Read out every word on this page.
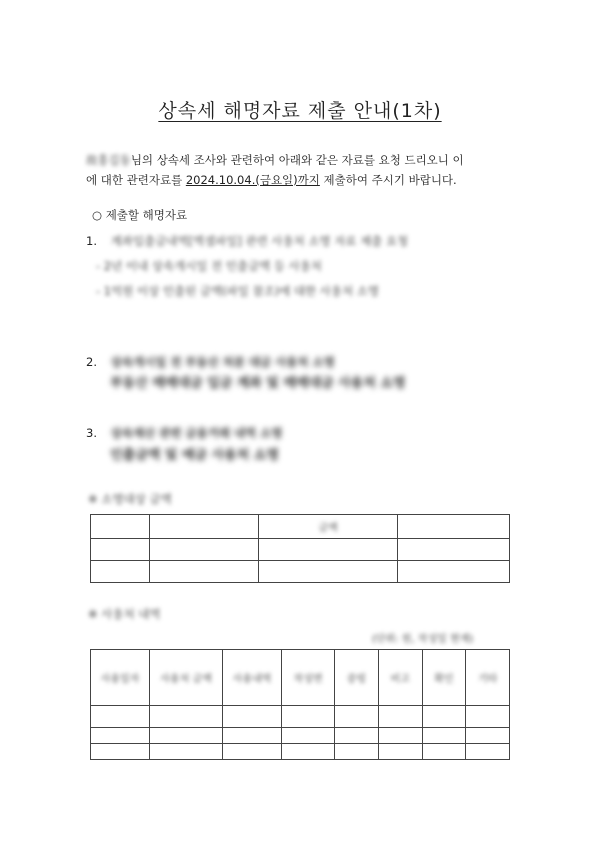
상속세 해명자료 제출 안내(1차)
故홍길동님의 상속세 조사와 관련하여 아래와 같은 자료를 요청 드리오니 이
에 대한 관련자료를 2024.10.04.(금요일)까지 제출하여 주시기 바랍니다.
○ 제출할 해명자료
1. 계좌입출금내역[엑셀파일] 관련 사용처 소명 자료 제출 요청
- 2년 이내 상속개시일 전 인출금액 등 사용처
- 1억원 이상 인출된 금액(파일 참조)에 대한 사용처 소명
2. 상속개시일 전 부동산 처분 대금 사용처 소명
부동산 매매대금 입금 계좌 및 매매대금 사용처 소명
3. 상속재산 관련 금융거래 내역 소명
인출금액 및 예금 사용처 소명
※ 소명대상 금액
		금액	

※ 사용처 내역
(단위: 원, 작성일 현재)
사용일자	사용처 금액	사용내역	작성면	증빙	비고	확인	기타
